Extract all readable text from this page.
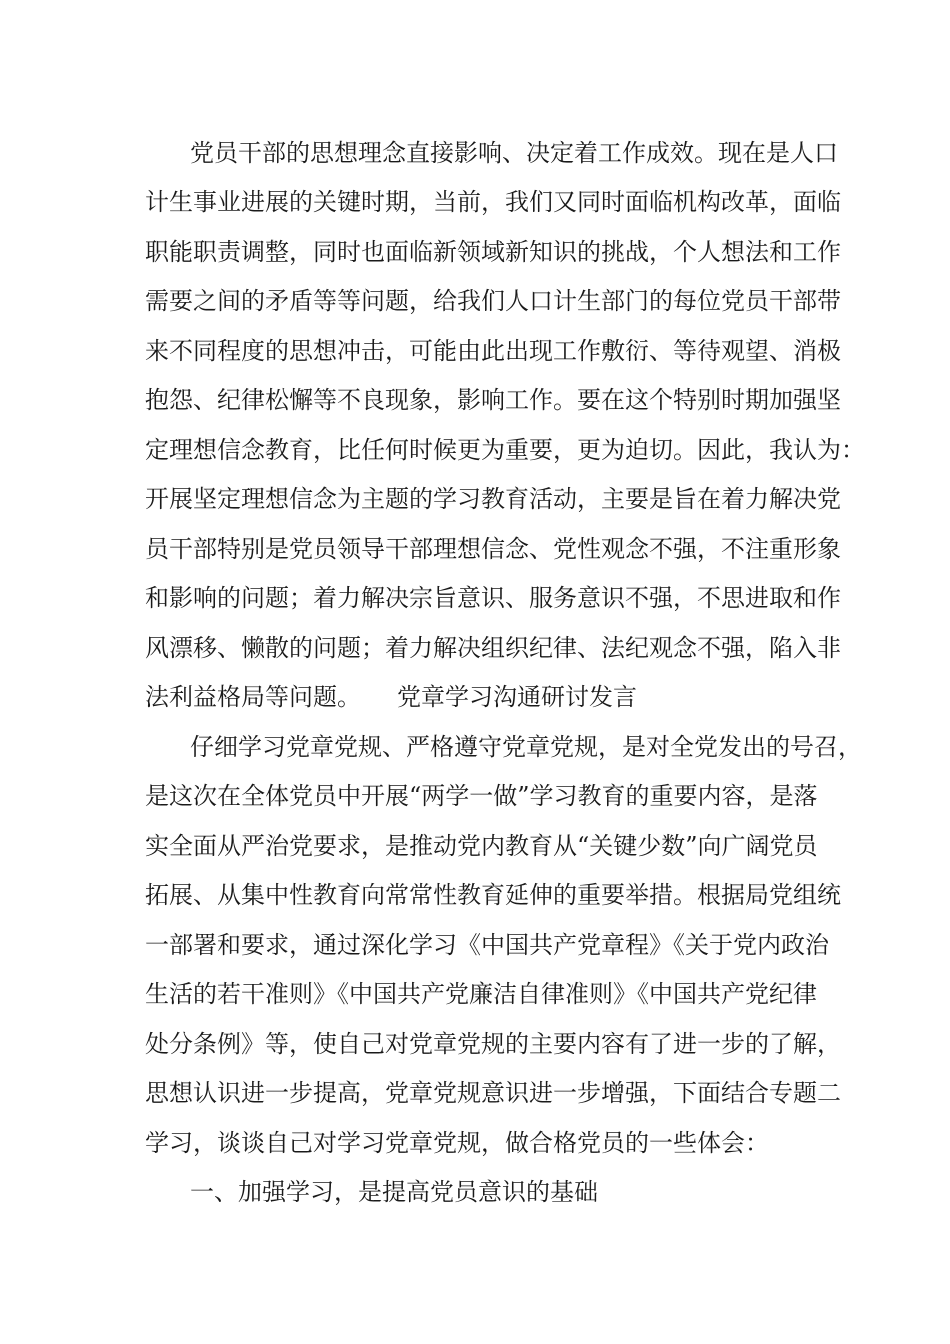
党员干部的思想理念直接影响、决定着工作成效。现在是人口
计生事业进展的关键时期，当前，我们又同时面临机构改革，面临
职能职责调整，同时也面临新领域新知识的挑战，个人想法和工作
需要之间的矛盾等等问题，给我们人口计生部门的每位党员干部带
来不同程度的思想冲击，可能由此出现工作敷衍、等待观望、消极
抱怨、纪律松懈等不良现象，影响工作。要在这个特别时期加强坚
定理想信念教育，比任何时候更为重要，更为迫切。因此，我认为：
开展坚定理想信念为主题的学习教育活动，主要是旨在着力解决党
员干部特别是党员领导干部理想信念、党性观念不强，不注重形象
和影响的问题；着力解决宗旨意识、服务意识不强，不思进取和作
风漂移、懒散的问题；着力解决组织纪律、法纪观念不强，陷入非
法利益格局等问题。　　党章学习沟通研讨发言
仔细学习党章党规、严格遵守党章党规，是对全党发出的号召，
是这次在全体党员中开展“两学一做”学习教育的重要内容，是落
实全面从严治党要求，是推动党内教育从“关键少数”向广阔党员
拓展、从集中性教育向常常性教育延伸的重要举措。根据局党组统
一部署和要求，通过深化学习《中国共产党章程》《关于党内政治
生活的若干准则》《中国共产党廉洁自律准则》《中国共产党纪律
处分条例》等，使自己对党章党规的主要内容有了进一步的了解，
思想认识进一步提高，党章党规意识进一步增强，下面结合专题二
学习，谈谈自己对学习党章党规，做合格党员的一些体会：
一、加强学习，是提高党员意识的基础
